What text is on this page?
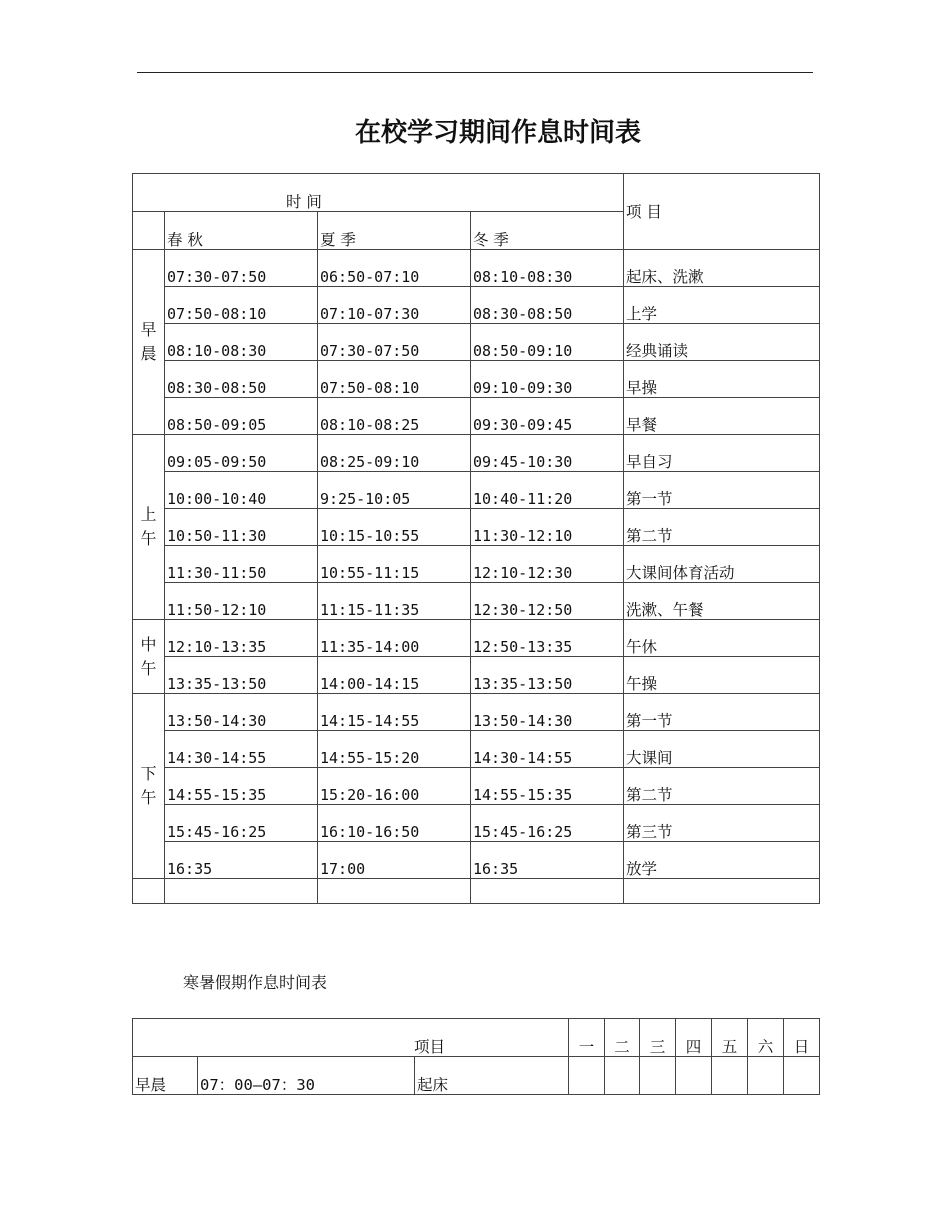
在校学习期间作息时间表
时 间				项 目
	春 秋	夏 季	冬 季	
早晨	07:30-07:50	06:50-07:10	08:10-08:30	起床、洗漱
	07:50-08:10	07:10-07:30	08:30-08:50	上学
	08:10-08:30	07:30-07:50	08:50-09:10	经典诵读
	08:30-08:50	07:50-08:10	09:10-09:30	早操
	08:50-09:05	08:10-08:25	09:30-09:45	早餐
上午	09:05-09:50	08:25-09:10	09:45-10:30	早自习
	10:00-10:40	9:25-10:05	10:40-11:20	第一节
	10:50-11:30	10:15-10:55	11:30-12:10	第二节
	11:30-11:50	10:55-11:15	12:10-12:30	大课间体育活动
	11:50-12:10	11:15-11:35	12:30-12:50	洗漱、午餐
中午	12:10-13:35	11:35-14:00	12:50-13:35	午休
	13:35-13:50	14:00-14:15	13:35-13:50	午操
下午	13:50-14:30	14:15-14:55	13:50-14:30	第一节
	14:30-14:55	14:55-15:20	14:30-14:55	大课间
	14:55-15:35	15:20-16:00	14:55-15:35	第二节
	15:45-16:25	16:10-16:50	15:45-16:25	第三节
	16:35	17:00	16:35	放学

寒暑假期作息时间表
项目			一	二	三	四	五	六	日
早晨	07：00—07：30	起床							
